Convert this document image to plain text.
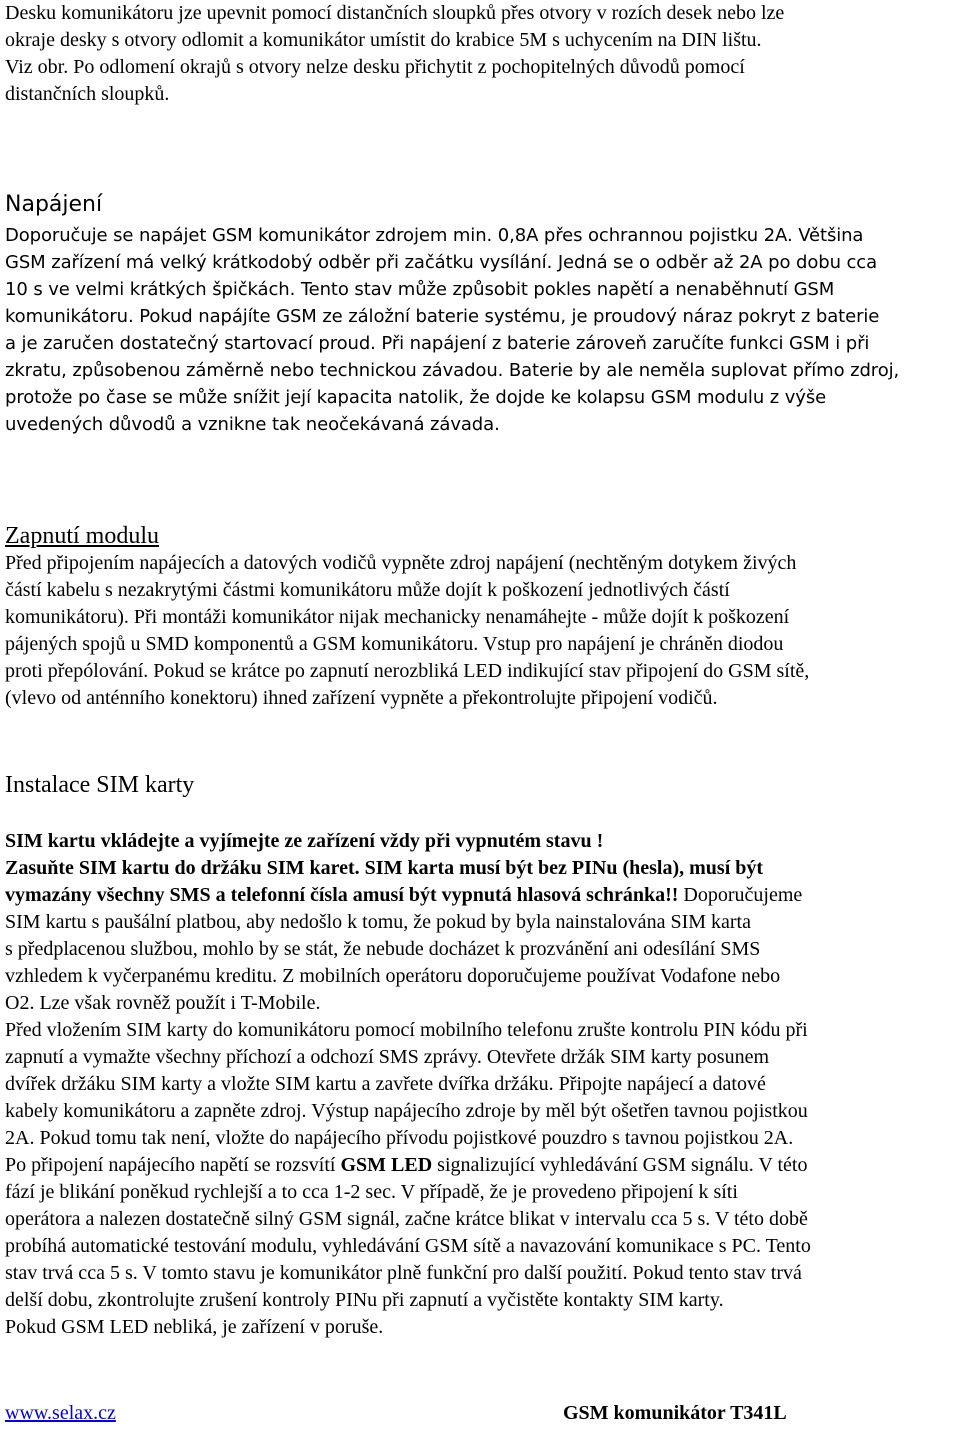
Desku komunikátoru jze upevnit pomocí distančních sloupků přes otvory v rozích desek nebo lze

okraje desky s otvory odlomit a komunikátor umístit do krabice 5M s uchycením na DIN lištu.

Viz obr. Po odlomení okrajů s otvory nelze desku přichytit z pochopitelných důvodů pomocí

distančních sloupků.

Napájení

Doporučuje se napájet GSM komunikátor zdrojem min. 0,8A přes ochrannou pojistku 2A. Většina

GSM zařízení má velký krátkodobý odběr při začátku vysílání. Jedná se o odběr až 2A po dobu cca

10 s ve velmi krátkých špičkách. Tento stav může způsobit pokles napětí a nenaběhnutí GSM

komunikátoru. Pokud napájíte GSM ze záložní baterie systému, je proudový náraz pokryt z baterie

a je zaručen dostatečný startovací proud. Při napájení z baterie zároveň zaručíte funkci GSM i při

zkratu, způsobenou záměrně nebo technickou závadou. Baterie by ale neměla suplovat přímo zdroj,

protože po čase se může snížit její kapacita natolik, že dojde ke kolapsu GSM modulu z výše

uvedených důvodů a vznikne tak neočekávaná závada.

Zapnutí modulu

Před připojením napájecích a datových vodičů vypněte zdroj napájení (nechtěným dotykem živých

částí kabelu s nezakrytými částmi komunikátoru může dojít k poškození jednotlivých částí

komunikátoru). Při montáži komunikátor nijak mechanicky nenamáhejte - může dojít k poškození

pájených spojů u SMD komponentů a GSM komunikátoru. Vstup pro napájení je chráněn diodou

proti přepólování. Pokud se krátce po zapnutí nerozbliká LED indikující stav připojení do GSM sítě,

(vlevo od anténního konektoru) ihned zařízení vypněte a překontrolujte připojení vodičů.

Instalace SIM karty

SIM kartu vkládejte a vyjímejte ze zařízení vždy při vypnutém stavu !

Zasuňte SIM kartu do držáku SIM karet. SIM karta musí být bez PINu (hesla), musí být

vymazány všechny SMS a telefonní čísla amusí být vypnutá hlasová schránka!! Doporučujeme

SIM kartu s paušální platbou, aby nedošlo k tomu, že pokud by byla nainstalována SIM karta

s předplacenou službou, mohlo by se stát, že nebude docházet k prozvánění ani odesílání SMS

vzhledem k vyčerpanému kreditu. Z mobilních operátoru doporučujeme používat Vodafone nebo

O2. Lze však rovněž použít i T-Mobile.

Před vložením SIM karty do komunikátoru pomocí mobilního telefonu zrušte kontrolu PIN kódu při

zapnutí a vymažte všechny příchozí a odchozí SMS zprávy. Otevřete držák SIM karty posunem

dvířek držáku SIM karty a vložte SIM kartu a zavřete dvířka držáku. Připojte napájecí a datové

kabely komunikátoru a zapněte zdroj. Výstup napájecího zdroje by měl být ošetřen tavnou pojistkou

2A. Pokud tomu tak není, vložte do napájecího přívodu pojistkové pouzdro s tavnou pojistkou 2A.

Po připojení napájecího napětí se rozsvítí GSM LED signalizující vyhledávání GSM signálu. V této

fází je blikání poněkud rychlejší a to cca 1-2 sec. V případě, že je provedeno připojení k síti

operátora a nalezen dostatečně silný GSM signál, začne krátce blikat v intervalu cca 5 s. V této době

probíhá automatické testování modulu, vyhledávání GSM sítě a navazování komunikace s PC. Tento

stav trvá cca 5 s. V tomto stavu je komunikátor plně funkční pro další použití. Pokud tento stav trvá

delší dobu, zkontrolujte zrušení kontroly PINu při zapnutí a vyčistěte kontakty SIM karty.

Pokud GSM LED nebliká, je zařízení v poruše.

www.selax.cz	GSM komunikátor T341L
